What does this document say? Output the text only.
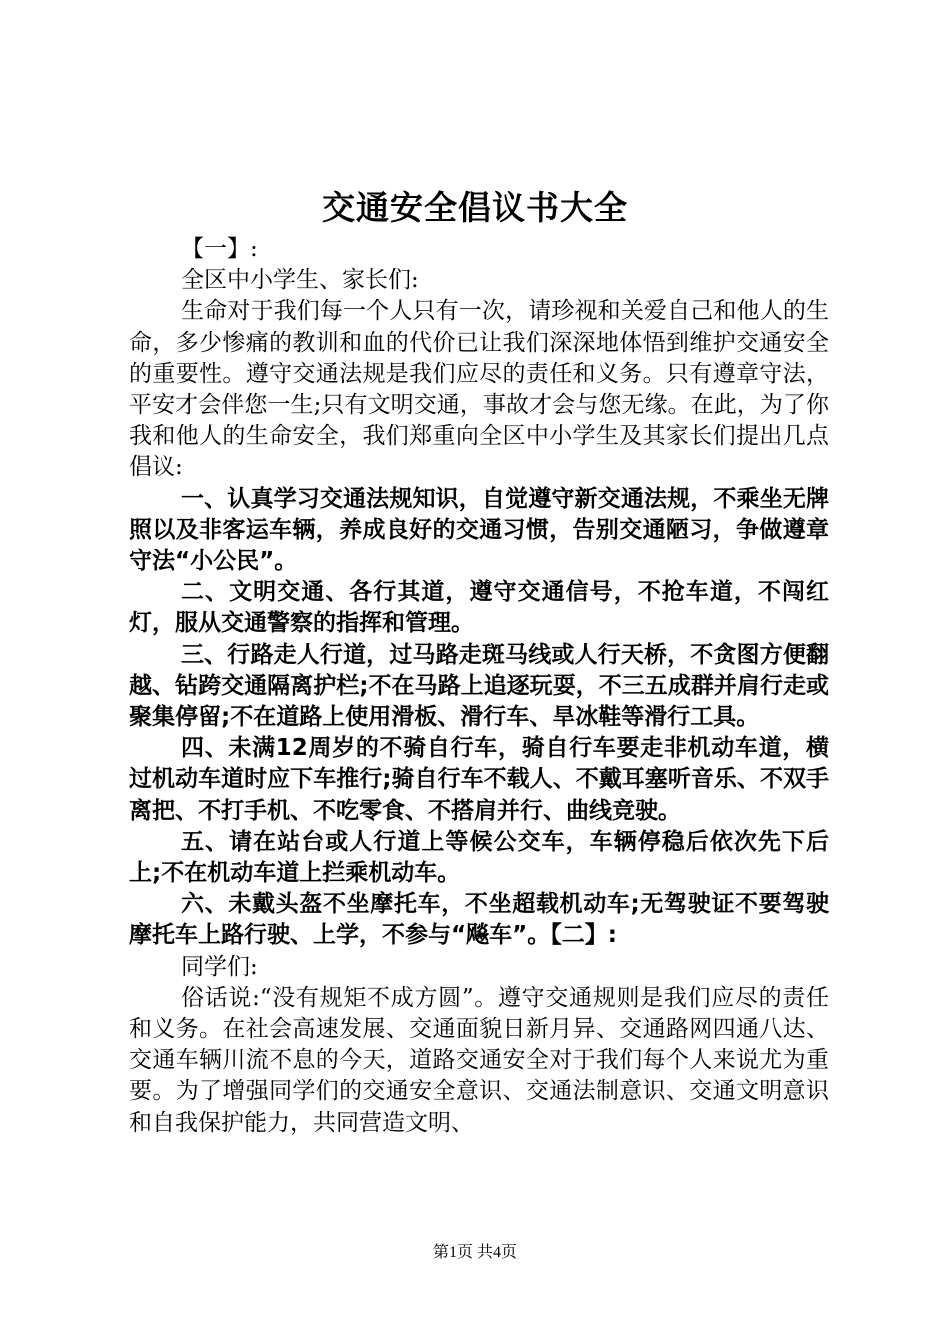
交通安全倡议书大全

【一】:

全区中小学生、家长们:

生命对于我们每一个人只有一次，请珍视和关爱自己和他人的生命，多少惨痛的教训和血的代价已让我们深深地体悟到维护交通安全的重要性。遵守交通法规是我们应尽的责任和义务。只有遵章守法，平安才会伴您一生;只有文明交通，事故才会与您无缘。在此，为了你我和他人的生命安全，我们郑重向全区中小学生及其家长们提出几点倡议:

一、认真学习交通法规知识，自觉遵守新交通法规，不乘坐无牌照以及非客运车辆，养成良好的交通习惯，告别交通陋习，争做遵章守法“小公民”。

二、文明交通、各行其道，遵守交通信号，不抢车道，不闯红灯，服从交通警察的指挥和管理。

三、行路走人行道，过马路走斑马线或人行天桥，不贪图方便翻越、钻跨交通隔离护栏;不在马路上追逐玩耍，不三五成群并肩行走或聚集停留;不在道路上使用滑板、滑行车、旱冰鞋等滑行工具。

四、未满12周岁的不骑自行车，骑自行车要走非机动车道，横过机动车道时应下车推行;骑自行车不载人、不戴耳塞听音乐、不双手离把、不打手机、不吃零食、不搭肩并行、曲线竞驶。

五、请在站台或人行道上等候公交车，车辆停稳后依次先下后上;不在机动车道上拦乘机动车。

六、未戴头盔不坐摩托车，不坐超载机动车;无驾驶证不要驾驶摩托车上路行驶、上学，不参与“飚车”。【二】:

同学们:

俗话说:“没有规矩不成方圆”。遵守交通规则是我们应尽的责任和义务。在社会高速发展、交通面貌日新月异、交通路网四通八达、交通车辆川流不息的今天，道路交通安全对于我们每个人来说尤为重要。为了增强同学们的交通安全意识、交通法制意识、交通文明意识和自我保护能力，共同营造文明、

第1页 共4页
